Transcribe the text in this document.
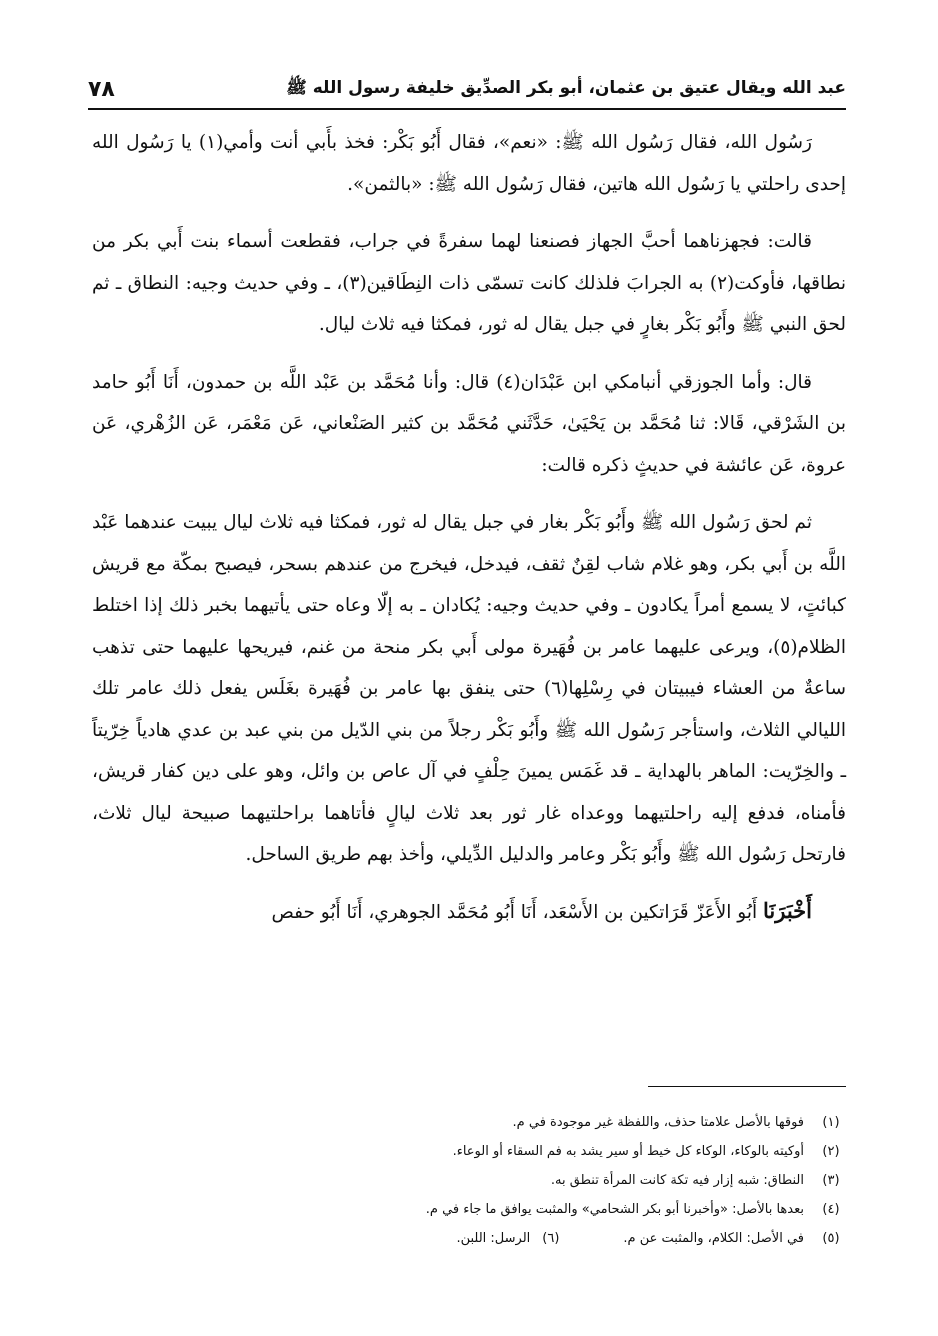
عبد الله ويقال عتيق بن عثمان، أبو بكر الصدِّيق خليفة رسول الله ﷺ
٧٨

رَسُول الله، فقال رَسُول الله ﷺ: «نعم»، فقال أَبُو بَكْر: فخذ بأَبي أنت وأمي(١) يا رَسُول الله إحدى راحلتي يا رَسُول الله هاتين، فقال رَسُول الله ﷺ: «بالثمن».

قالت: فجهزناهما أحبَّ الجهاز فصنعنا لهما سفرةً في جراب، فقطعت أسماء بنت أَبي بكر من نطاقها، فأوكت(٢) به الجرابَ فلذلك كانت تسمّى ذات النِطَاقين(٣)، ـ وفي حديث وجيه: النطاق ـ ثم لحق النبي ﷺ وأَبُو بَكْر بغارٍ في جبل يقال له ثور، فمكثا فيه ثلاث ليال.

قال: وأما الجوزقي أنبامكي ابن عَبْدَان(٤) قال: وأنا مُحَمَّد بن عَبْد اللَّه بن حمدون، أَنَا أَبُو حامد بن الشَرْقي، قَالا: ثنا مُحَمَّد بن يَحْيَىٰ، حَدَّثَني مُحَمَّد بن كثير الصَنْعاني، عَن مَعْمَر، عَن الزُهْري، عَن عروة، عَن عائشة في حديثٍ ذكره قالت:

ثم لحق رَسُول الله ﷺ وأَبُو بَكْر بغار في جبل يقال له ثور، فمكثا فيه ثلاث ليال يبيت عندهما عَبْد اللَّه بن أَبي بكر، وهو غلام شاب لقِنٌ ثقف، فيدخل، فيخرج من عندهم بسحر، فيصبح بمكّة مع قريش كبائتٍ، لا يسمع أمراً يكادون ـ وفي حديث وجيه: يُكادان ـ به إلّا وعاه حتى يأتيهما بخبر ذلك إذا اختلط الظلام(٥)، ويرعى عليهما عامر بن فُهَيرة مولى أَبي بكر منحة من غنم، فيريحها عليهما حتى تذهب ساعةٌ من العشاء فيبيتان في رِسْلِها(٦) حتى ينفق بها عامر بن فُهَيرة بغَلَس يفعل ذلك عامر تلك الليالي الثلاث، واستأجر رَسُول الله ﷺ وأَبُو بَكْر رجلاً من بني الدّيل من بني عبد بن عدي هادياً خِرّيتاً ـ والخِرّيت: الماهر بالهداية ـ قد غَمَس يمينَ حِلْفٍ في آل عاص بن وائل، وهو على دين كفار قريش، فأمناه، فدفع إليه راحلتيهما ووعداه غار ثور بعد ثلاث ليالٍ فأتاهما براحلتيهما صبيحة ليال ثلاث، فارتحل رَسُول الله ﷺ وأَبُو بَكْر وعامر والدليل الدِّيلي، وأخذ بهم طريق الساحل.

أَخْبَرَنَا أَبُو الأَعَزّ قَرَاتكين بن الأَسْعَد، أَنَا أَبُو مُحَمَّد الجوهري، أَنَا أَبُو حفص

(١)
فوقها بالأصل علامتا حذف، واللفظة غير موجودة في م.
(٢)
أوكيته بالوكاء، الوكاء كل خيط أو سير يشد به فم السقاء أو الوعاء.
(٣)
النطاق: شبه إزار فيه تكة كانت المرأة تنطق به.
(٤)
بعدها بالأصل: «وأخبرنا أبو بكر الشحامي» والمثبت يوافق ما جاء في م.
(٥)
في الأصل: الكلام، والمثبت عن م.
(٦)
الرسل: اللبن.
